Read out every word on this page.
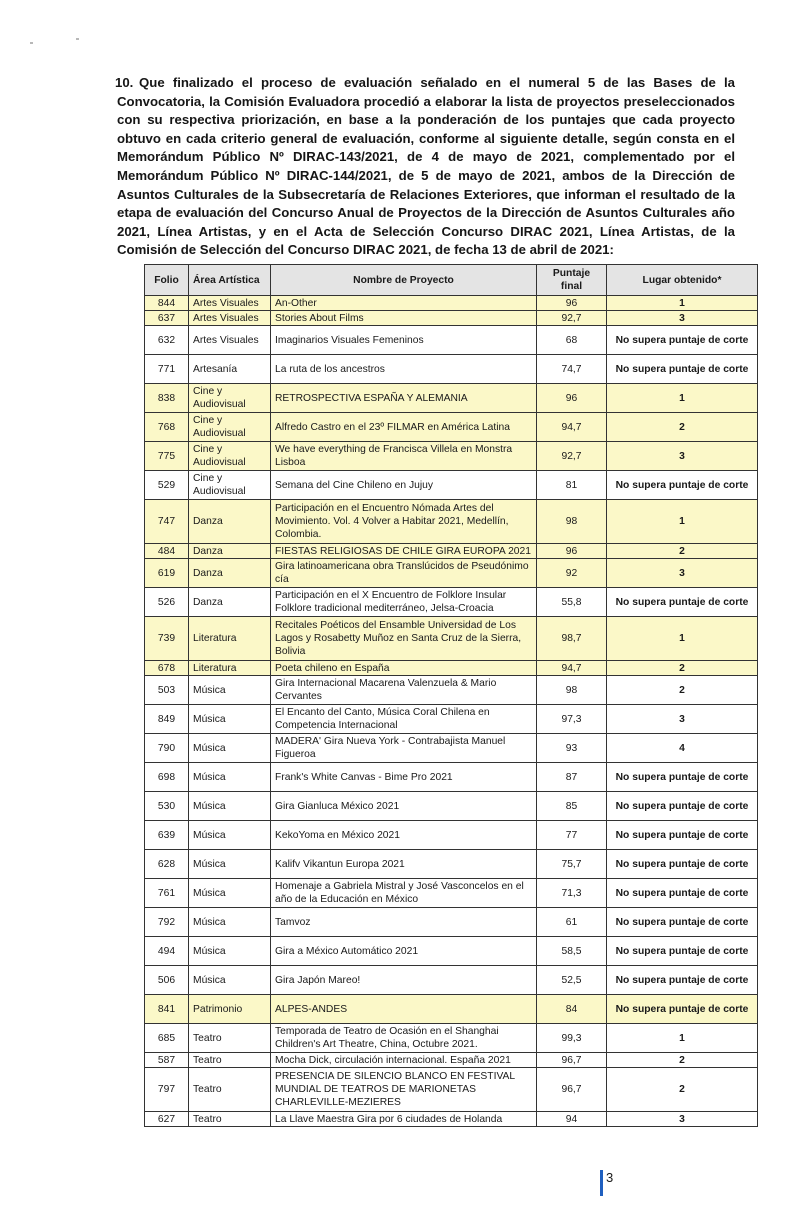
10. Que finalizado el proceso de evaluación señalado en el numeral 5 de las Bases de la Convocatoria, la Comisión Evaluadora procedió a elaborar la lista de proyectos preseleccionados con su respectiva priorización, en base a la ponderación de los puntajes que cada proyecto obtuvo en cada criterio general de evaluación, conforme al siguiente detalle, según consta en el Memorándum Público Nº DIRAC-143/2021, de 4 de mayo de 2021, complementado por el Memorándum Público Nº DIRAC-144/2021, de 5 de mayo de 2021, ambos de la Dirección de Asuntos Culturales de la Subsecretaría de Relaciones Exteriores, que informan el resultado de la etapa de evaluación del Concurso Anual de Proyectos de la Dirección de Asuntos Culturales año 2021, Línea Artistas, y en el Acta de Selección Concurso DIRAC 2021, Línea Artistas, de la Comisión de Selección del Concurso DIRAC 2021, de fecha 13 de abril de 2021:
Folio	Área Artística	Nombre de Proyecto	Puntaje final	Lugar obtenido*
844	Artes Visuales	An-Other	96	1
637	Artes Visuales	Stories About Films	92,7	3
632	Artes Visuales	Imaginarios Visuales Femeninos	68	No supera puntaje de corte
771	Artesanía	La ruta de los ancestros	74,7	No supera puntaje de corte
838	Cine y Audiovisual	RETROSPECTIVA ESPAÑA Y ALEMANIA	96	1
768	Cine y Audiovisual	Alfredo Castro en el 23º FILMAR en América Latina	94,7	2
775	Cine y Audiovisual	We have everything de Francisca Villela en Monstra Lisboa	92,7	3
529	Cine y Audiovisual	Semana del Cine Chileno en Jujuy	81	No supera puntaje de corte
747	Danza	Participación en el Encuentro Nómada Artes del Movimiento. Vol. 4 Volver a Habitar 2021, Medellín, Colombia.	98	1
484	Danza	FIESTAS RELIGIOSAS DE CHILE GIRA EUROPA 2021	96	2
619	Danza	Gira latinoamericana obra Translúcidos de Pseudónimo cía	92	3
526	Danza	Participación en el X Encuentro de Folklore Insular Folklore tradicional mediterráneo, Jelsa-Croacia	55,8	No supera puntaje de corte
739	Literatura	Recitales Poéticos del Ensamble Universidad de Los Lagos y Rosabetty Muñoz en Santa Cruz de la Sierra, Bolivia	98,7	1
678	Literatura	Poeta chileno en España	94,7	2
503	Música	Gira Internacional Macarena Valenzuela & Mario Cervantes	98	2
849	Música	El Encanto del Canto, Música Coral Chilena en Competencia Internacional	97,3	3
790	Música	MADERA' Gira Nueva York - Contrabajista Manuel Figueroa	93	4
698	Música	Frank's White Canvas - Bime Pro 2021	87	No supera puntaje de corte
530	Música	Gira Gianluca México 2021	85	No supera puntaje de corte
639	Música	KekoYoma en México 2021	77	No supera puntaje de corte
628	Música	Kalifv Vikantun Europa 2021	75,7	No supera puntaje de corte
761	Música	Homenaje a Gabriela Mistral y José Vasconcelos en el año de la Educación en México	71,3	No supera puntaje de corte
792	Música	Tamvoz	61	No supera puntaje de corte
494	Música	Gira a México Automático 2021	58,5	No supera puntaje de corte
506	Música	Gira Japón Mareo!	52,5	No supera puntaje de corte
841	Patrimonio	ALPES-ANDES	84	No supera puntaje de corte
685	Teatro	Temporada de Teatro de Ocasión en el Shanghai Children's Art Theatre, China, Octubre 2021.	99,3	1
587	Teatro	Mocha Dick, circulación internacional. España 2021	96,7	2
797	Teatro	PRESENCIA DE SILENCIO BLANCO EN FESTIVAL MUNDIAL DE TEATROS DE MARIONETAS CHARLEVILLE-MEZIERES	96,7	2
627	Teatro	La Llave Maestra Gira por 6 ciudades de Holanda	94	3
3
